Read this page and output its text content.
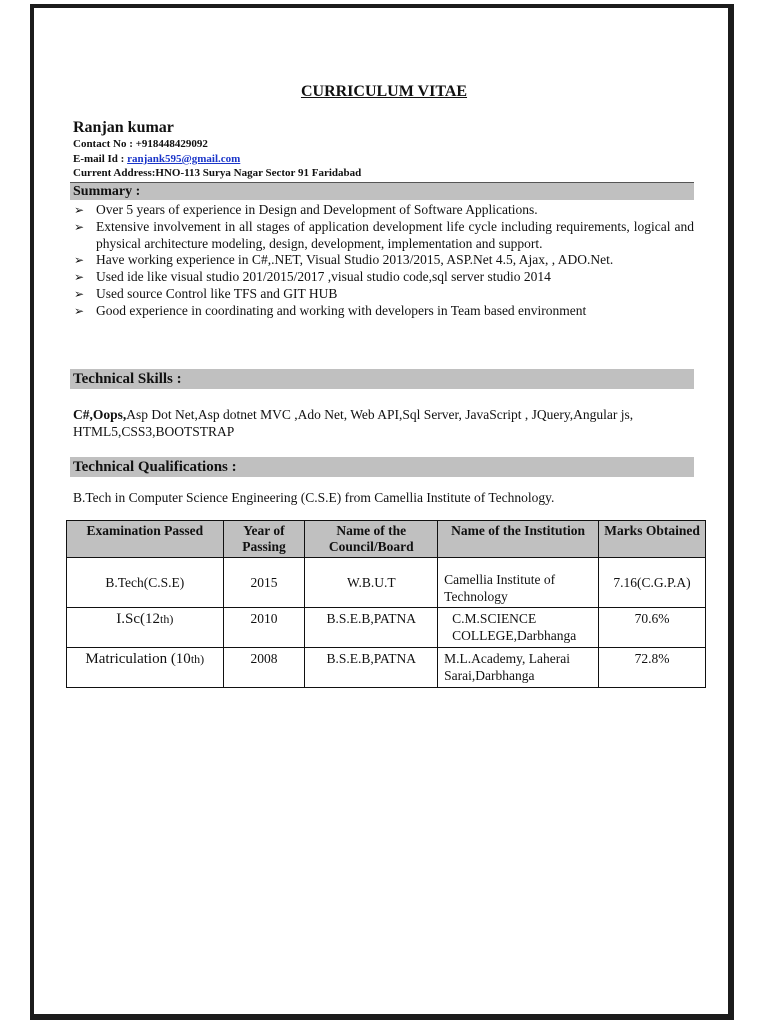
CURRICULUM VITAE
Ranjan kumar
Contact No : +918448429092
E-mail Id : ranjank595@gmail.com
Current Address:HNO-113 Surya Nagar Sector 91 Faridabad
Summary :
➢ Over 5 years of experience in Design and Development of Software Applications.
➢ Extensive involvement in all stages of application development life cycle including requirements, logical and physical architecture modeling, design, development, implementation and support.
➢ Have working experience in C#,.NET, Visual Studio 2013/2015, ASP.Net 4.5, Ajax, , ADO.Net.
➢ Used ide like visual studio 201/2015/2017 ,visual studio code,sql server studio 2014
➢ Used source Control like TFS and GIT HUB
➢ Good experience in coordinating and working with developers in Team based environment
Technical Skills :
C#,Oops,Asp Dot Net,Asp dotnet MVC ,Ado Net, Web API,Sql Server, JavaScript , JQuery,Angular js, HTML5,CSS3,BOOTSTRAP
Technical Qualifications :
B.Tech in Computer Science Engineering (C.S.E) from Camellia Institute of Technology.
Examination Passed	Year of Passing	Name of the Council/Board	Name of the Institution	Marks Obtained
B.Tech(C.S.E)	2015	W.B.U.T	Camellia Institute of Technology	7.16(C.G.P.A)
I.Sc(12th)	2010	B.S.E.B,PATNA	C.M.SCIENCE COLLEGE,Darbhanga	70.6%
Matriculation (10th)	2008	B.S.E.B,PATNA	M.L.Academy, Laherai Sarai,Darbhanga	72.8%
